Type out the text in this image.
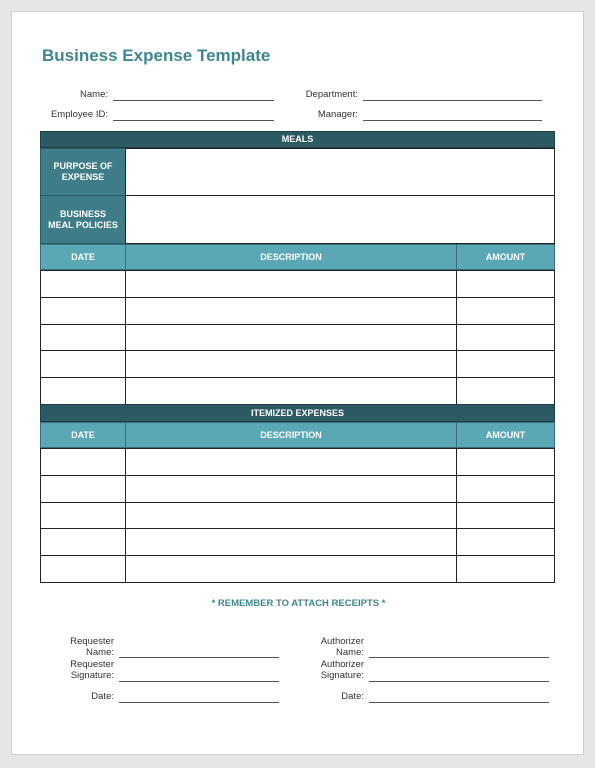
Business Expense Template
Name:	Department:
Employee ID:	Manager:
MEALS
PURPOSE OF
EXPENSE
BUSINESS
MEAL POLICIES
DATE	DESCRIPTION	AMOUNT
ITEMIZED EXPENSES
DATE	DESCRIPTION	AMOUNT
* REMEMBER TO ATTACH RECEIPTS *
Requester
Name:
Requester
Signature:
Date:
Authorizer
Name:
Authorizer
Signature:
Date:
